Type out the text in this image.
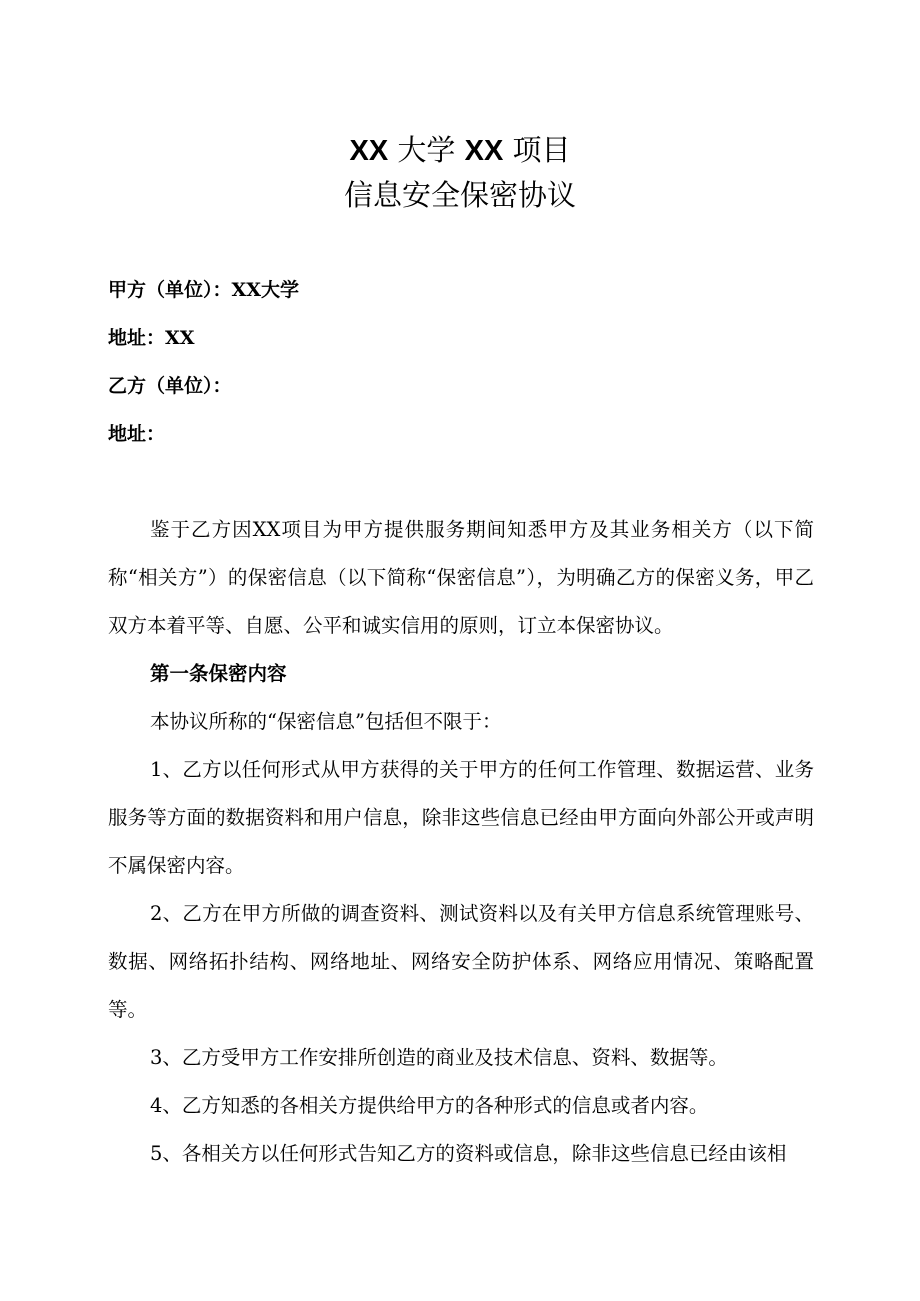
XX 大学 XX 项目
信息安全保密协议
甲方（单位）：XX大学
地址：XX
乙方（单位）：
地址：

鉴于乙方因XX项目为甲方提供服务期间知悉甲方及其业务相关方（以下简称“相关方”）的保密信息（以下简称“保密信息”），为明确乙方的保密义务，甲乙双方本着平等、自愿、公平和诚实信用的原则，订立本保密协议。

第一条保密内容
本协议所称的“保密信息”包括但不限于：

1、乙方以任何形式从甲方获得的关于甲方的任何工作管理、数据运营、业务服务等方面的数据资料和用户信息，除非这些信息已经由甲方面向外部公开或声明不属保密内容。

2、乙方在甲方所做的调查资料、测试资料以及有关甲方信息系统管理账号、数据、网络拓扑结构、网络地址、网络安全防护体系、网络应用情况、策略配置等。

3、乙方受甲方工作安排所创造的商业及技术信息、资料、数据等。

4、乙方知悉的各相关方提供给甲方的各种形式的信息或者内容。

5、各相关方以任何形式告知乙方的资料或信息，除非这些信息已经由该相
